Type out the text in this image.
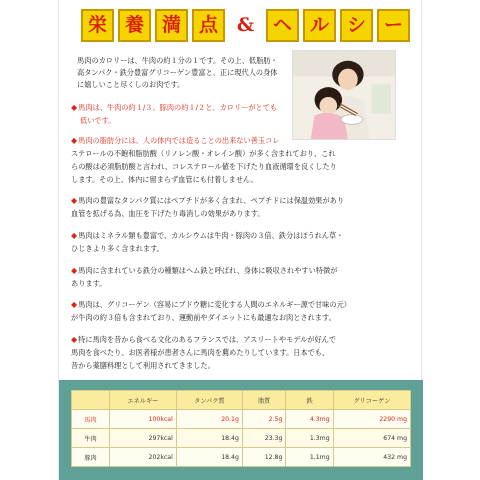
栄 養 満 点 & ヘ ル シ ー
馬肉のカロリーは、牛肉の約１分の１です。その上、低脂肪・
高タンパク・鉄分豊富グリコーゲン豊富と、正に現代人の身体
に嬉しいこと尽くしのお肉です。
◆馬肉は、牛肉の約１/３、豚肉の約１/２と、カロリーがとても
低いです。
◆馬肉の脂肪分には、人の体内では造ることの出来ない善玉コレ
ステロールの不飽和脂肪酸（リノレン酸・オレイン酸）が多く含まれており、これ
らの酸は必須脂肪酸と言われ、コレステロール値を下げたり血液循環を良くしたり
します。その上、体内に留まらず血管にも付着しません。
◆馬肉の豊富なタンパク質にはペプチドが多く含まれ、ペプチドには保温効果があり
血管を拡げる為、血圧を下げたり毒消しの効果があります。
◆馬肉はミネラル類も豊富で、カルシウムは牛肉・豚肉の３倍、鉄分はほうれん草・
ひじきより多く含まれます。
◆馬肉に含まれている鉄分の種類はヘム鉄と呼ばれ、身体に吸収されやすい特徴が
あります。
◆馬肉は、グリコーゲン（容易にブドウ糖に変化する人間のエネルギー源で甘味の元）
が牛肉の約３倍も含まれており、運動前やダイエットにも最適なお肉とされます。
◆特に馬肉を昔から食べる文化のあるフランスでは、アスリートやモデルが好んで
馬肉を食べたり、お医者様が患者さんに馬肉を薦めたりしています。日本でも、
昔から薬膳料理として利用されてきました。
	エネルギー	タンパク質	脂質	鉄	グリコーゲン
馬肉	100kcal	20.1g	2.5g	4.3mg	2290 mg
牛肉	297kcal	18.4g	23.3g	1.3mg	674 mg
豚肉	202kcal	18.4g	12.8g	1.1mg	432 mg
